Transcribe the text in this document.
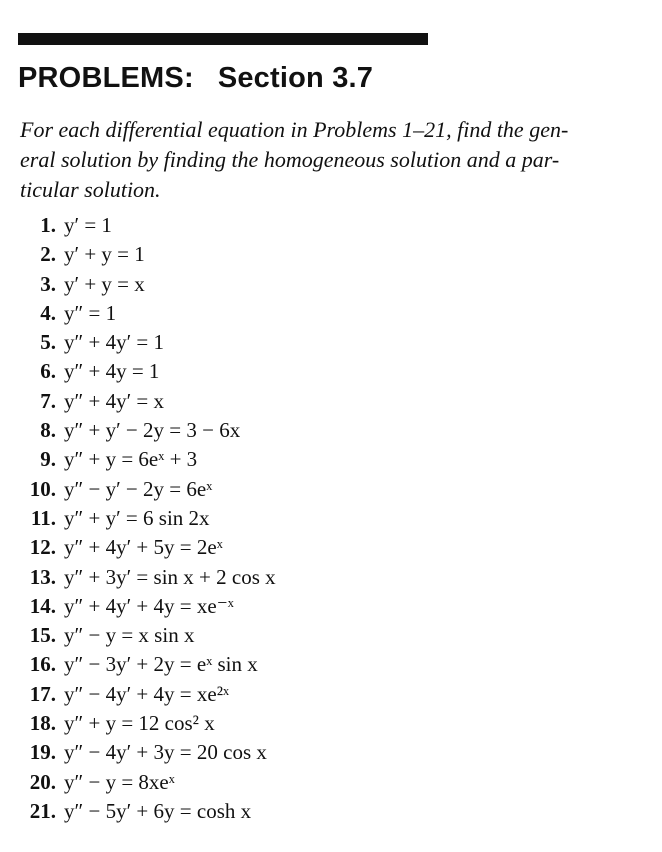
PROBLEMS: Section 3.7

For each differential equation in Problems 1–21, find the gen-
eral solution by finding the homogeneous solution and a par-
ticular solution.

1. y′ = 1
2. y′ + y = 1
3. y′ + y = x
4. y″ = 1
5. y″ + 4y′ = 1
6. y″ + 4y = 1
7. y″ + 4y′ = x
8. y″ + y′ − 2y = 3 − 6x
9. y″ + y = 6eˣ + 3
10. y″ − y′ − 2y = 6eˣ
11. y″ + y′ = 6 sin 2x
12. y″ + 4y′ + 5y = 2eˣ
13. y″ + 3y′ = sin x + 2 cos x
14. y″ + 4y′ + 4y = xe⁻ˣ
15. y″ − y = x sin x
16. y″ − 3y′ + 2y = eˣ sin x
17. y″ − 4y′ + 4y = xe²ˣ
18. y″ + y = 12 cos² x
19. y″ − 4y′ + 3y = 20 cos x
20. y″ − y = 8xeˣ
21. y″ − 5y′ + 6y = cosh x
